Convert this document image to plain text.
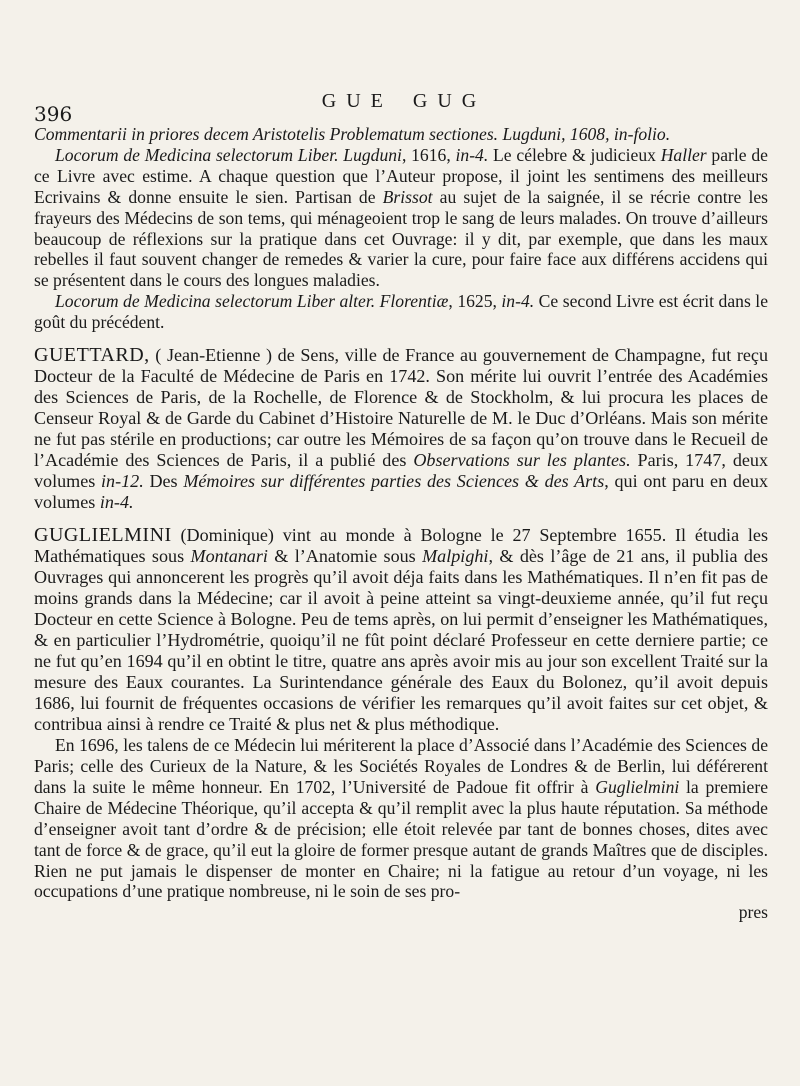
396
GUE GUG

Commentarii in priores decem Aristotelis Problematum sectiones. Lugduni, 1608, in-folio.

Locorum de Medicina selectorum Liber. Lugduni, 1616, in-4. Le célebre & judicieux Haller parle de ce Livre avec estime. A chaque question que l’Auteur propose, il joint les sentimens des meilleurs Ecrivains & donne ensuite le sien. Partisan de Brissot au sujet de la saignée, il se récrie contre les frayeurs des Médecins de son tems, qui ménageoient trop le sang de leurs malades. On trouve d’ailleurs beaucoup de réflexions sur la pratique dans cet Ouvrage: il y dit, par exemple, que dans les maux rebelles il faut souvent changer de remedes & varier la cure, pour faire face aux différens accidens qui se présentent dans le cours des longues maladies.

Locorum de Medicina selectorum Liber alter. Florentiæ, 1625, in-4. Ce second Livre est écrit dans le goût du précédent.

GUETTARD, ( Jean-Etienne ) de Sens, ville de France au gouvernement de Champagne, fut reçu Docteur de la Faculté de Médecine de Paris en 1742. Son mérite lui ouvrit l’entrée des Académies des Sciences de Paris, de la Rochelle, de Florence & de Stockholm, & lui procura les places de Censeur Royal & de Garde du Cabinet d’Histoire Naturelle de M. le Duc d’Orléans. Mais son mérite ne fut pas stérile en productions; car outre les Mémoires de sa façon qu’on trouve dans le Recueil de l’Académie des Sciences de Paris, il a publié des Observations sur les plantes. Paris, 1747, deux volumes in-12. Des Mémoires sur différentes parties des Sciences & des Arts, qui ont paru en deux volumes in-4.

GUGLIELMINI (Dominique) vint au monde à Bologne le 27 Septembre 1655. Il étudia les Mathématiques sous Montanari & l’Anatomie sous Malpighi, & dès l’âge de 21 ans, il publia des Ouvrages qui annoncerent les progrès qu’il avoit déja faits dans les Mathématiques. Il n’en fit pas de moins grands dans la Médecine; car il avoit à peine atteint sa vingt-deuxieme année, qu’il fut reçu Docteur en cette Science à Bologne. Peu de tems après, on lui permit d’enseigner les Mathématiques, & en particulier l’Hydrométrie, quoiqu’il ne fût point déclaré Professeur en cette derniere partie; ce ne fut qu’en 1694 qu’il en obtint le titre, quatre ans après avoir mis au jour son excellent Traité sur la mesure des Eaux courantes. La Surintendance générale des Eaux du Bolonez, qu’il avoit depuis 1686, lui fournit de fréquentes occasions de vérifier les remarques qu’il avoit faites sur cet objet, & contribua ainsi à rendre ce Traité & plus net & plus méthodique.

En 1696, les talens de ce Médecin lui mériterent la place d’Associé dans l’Académie des Sciences de Paris; celle des Curieux de la Nature, & les Sociétés Royales de Londres & de Berlin, lui déférerent dans la suite le même honneur. En 1702, l’Université de Padoue fit offrir à Guglielmini la premiere Chaire de Médecine Théorique, qu’il accepta & qu’il remplit avec la plus haute réputation. Sa méthode d’enseigner avoit tant d’ordre & de précision; elle étoit relevée par tant de bonnes choses, dites avec tant de force & de grace, qu’il eut la gloire de former presque autant de grands Maîtres que de disciples. Rien ne put jamais le dispenser de monter en Chaire; ni la fatigue au retour d’un voyage, ni les occupations d’une pratique nombreuse, ni le soin de ses pro-

pres
